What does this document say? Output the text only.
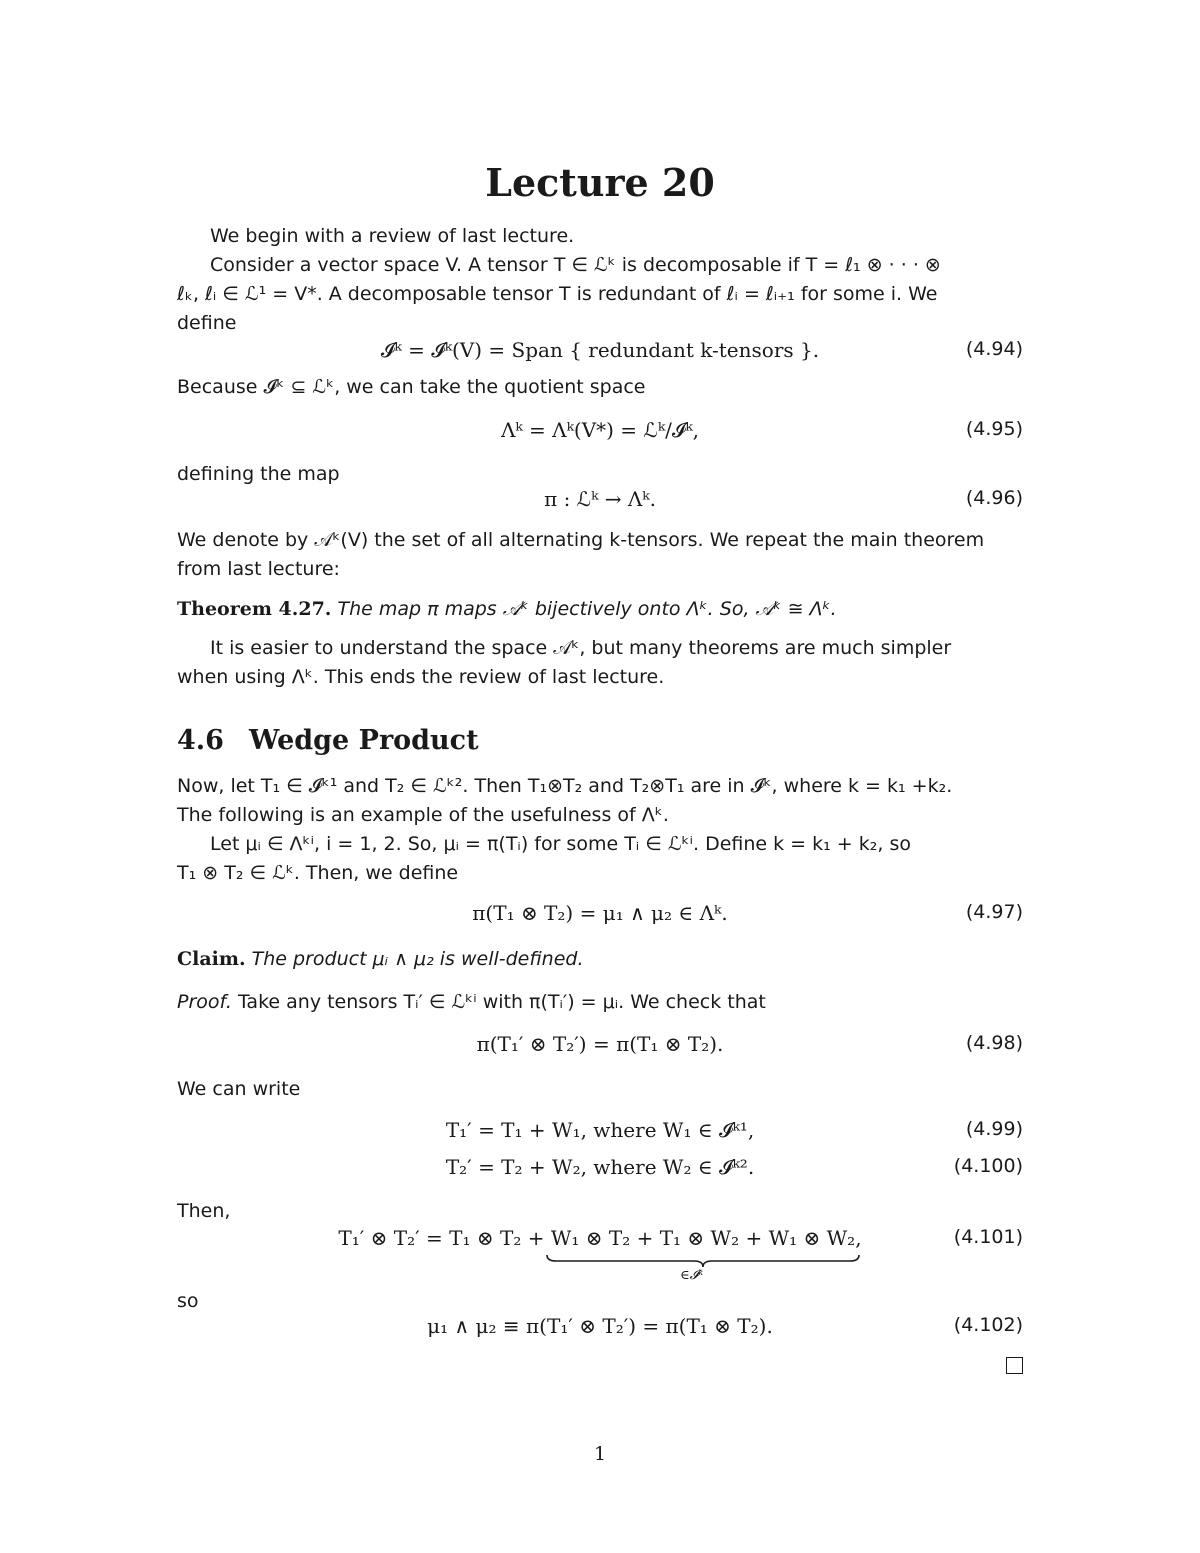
Lecture 20
We begin with a review of last lecture.
Consider a vector space V. A tensor T ∈ ℒᵏ is decomposable if T = ℓ₁ ⊗ · · · ⊗
ℓₖ, ℓᵢ ∈ ℒ¹ = V*. A decomposable tensor T is redundant of ℓᵢ = ℓᵢ₊₁ for some i. We
define
𝓘ᵏ = 𝓘ᵏ(V) = Span { redundant k-tensors }.	(4.94)
Because 𝓘ᵏ ⊆ ℒᵏ, we can take the quotient space
Λᵏ = Λᵏ(V*) = ℒᵏ/𝓘ᵏ,	(4.95)
defining the map
π : ℒᵏ → Λᵏ.	(4.96)
We denote by 𝒜ᵏ(V) the set of all alternating k-tensors. We repeat the main theorem
from last lecture:
Theorem 4.27. The map π maps 𝒜ᵏ bijectively onto Λᵏ. So, 𝒜ᵏ ≅ Λᵏ.
It is easier to understand the space 𝒜ᵏ, but many theorems are much simpler
when using Λᵏ. This ends the review of last lecture.
4.6 Wedge Product
Now, let T₁ ∈ 𝓘ᵏ¹ and T₂ ∈ ℒᵏ². Then T₁⊗T₂ and T₂⊗T₁ are in 𝓘ᵏ, where k = k₁ +k₂.
The following is an example of the usefulness of Λᵏ.
Let μᵢ ∈ Λᵏⁱ, i = 1, 2. So, μᵢ = π(Tᵢ) for some Tᵢ ∈ ℒᵏⁱ. Define k = k₁ + k₂, so
T₁ ⊗ T₂ ∈ ℒᵏ. Then, we define
π(T₁ ⊗ T₂) = μ₁ ∧ μ₂ ∈ Λᵏ.	(4.97)
Claim. The product μᵢ ∧ μ₂ is well-defined.
Proof. Take any tensors Tᵢ′ ∈ ℒᵏⁱ with π(Tᵢ′) = μᵢ. We check that
π(T₁′ ⊗ T₂′) = π(T₁ ⊗ T₂).	(4.98)
We can write
T₁′ = T₁ + W₁, where W₁ ∈ 𝓘ᵏ¹,	(4.99)
T₂′ = T₂ + W₂, where W₂ ∈ 𝓘ᵏ².	(4.100)
Then,
T₁′ ⊗ T₂′ = T₁ ⊗ T₂ + W₁ ⊗ T₂ + T₁ ⊗ W₂ + W₁ ⊗ W₂,	(4.101)
∈𝓘ᵏ
so
μ₁ ∧ μ₂ ≡ π(T₁′ ⊗ T₂′) = π(T₁ ⊗ T₂).	(4.102)
1
